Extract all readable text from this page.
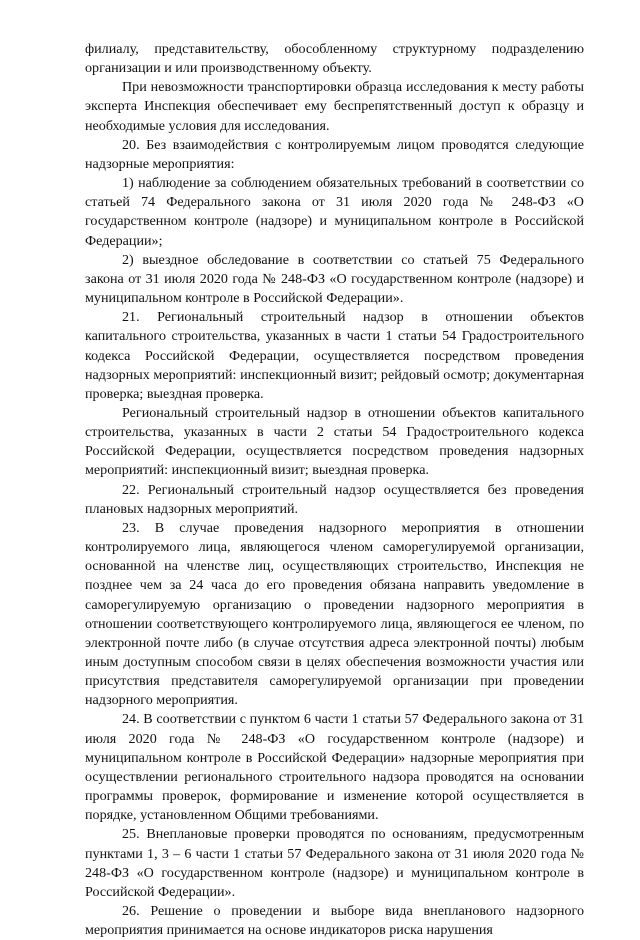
филиалу, представительству, обособленному структурному подразделению организации и или производственному объекту.

При невозможности транспортировки образца исследования к месту работы эксперта Инспекция обеспечивает ему беспрепятственный доступ к образцу и необходимые условия для исследования.

20. Без взаимодействия с контролируемым лицом проводятся следующие надзорные мероприятия:

1) наблюдение за соблюдением обязательных требований в соответствии со статьей 74 Федерального закона от 31 июля 2020 года № 248-ФЗ «О государственном контроле (надзоре) и муниципальном контроле в Российской Федерации»;

2) выездное обследование в соответствии со статьей 75 Федерального закона от 31 июля 2020 года № 248-ФЗ «О государственном контроле (надзоре) и муниципальном контроле в Российской Федерации».

21. Региональный строительный надзор в отношении объектов капитального строительства, указанных в части 1 статьи 54 Градостроительного кодекса Российской Федерации, осуществляется посредством проведения надзорных мероприятий: инспекционный визит; рейдовый осмотр; документарная проверка; выездная проверка.

Региональный строительный надзор в отношении объектов капитального строительства, указанных в части 2 статьи 54 Градостроительного кодекса Российской Федерации, осуществляется посредством проведения надзорных мероприятий: инспекционный визит; выездная проверка.

22. Региональный строительный надзор осуществляется без проведения плановых надзорных мероприятий.

23. В случае проведения надзорного мероприятия в отношении контролируемого лица, являющегося членом саморегулируемой организации, основанной на членстве лиц, осуществляющих строительство, Инспекция не позднее чем за 24 часа до его проведения обязана направить уведомление в саморегулируемую организацию о проведении надзорного мероприятия в отношении соответствующего контролируемого лица, являющегося ее членом, по электронной почте либо (в случае отсутствия адреса электронной почты) любым иным доступным способом связи в целях обеспечения возможности участия или присутствия представителя саморегулируемой организации при проведении надзорного мероприятия.

24. В соответствии с пунктом 6 части 1 статьи 57 Федерального закона от 31 июля 2020 года № 248-ФЗ «О государственном контроле (надзоре) и муниципальном контроле в Российской Федерации» надзорные мероприятия при осуществлении регионального строительного надзора проводятся на основании программы проверок, формирование и изменение которой осуществляется в порядке, установленном Общими требованиями.

25. Внеплановые проверки проводятся по основаниям, предусмотренным пунктами 1, 3 – 6 части 1 статьи 57 Федерального закона от 31 июля 2020 года № 248-ФЗ «О государственном контроле (надзоре) и муниципальном контроле в Российской Федерации».

26. Решение о проведении и выборе вида внепланового надзорного мероприятия принимается на основе индикаторов риска нарушения
